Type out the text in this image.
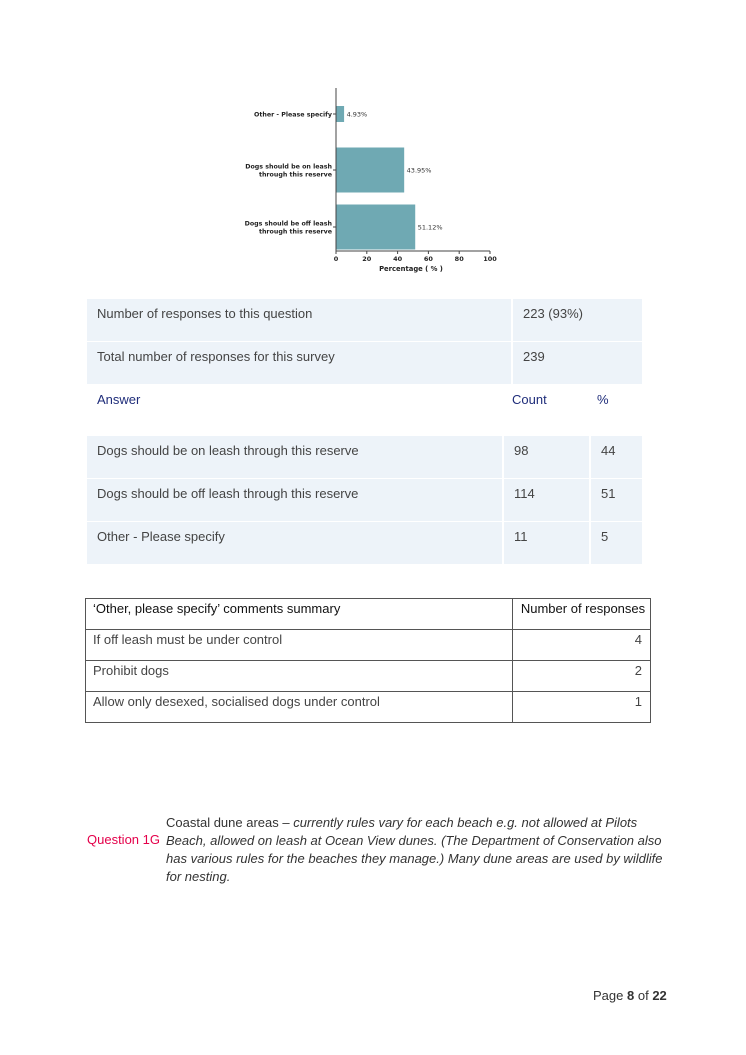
Other - Please specify 4.93%
Dogs should be on leash
through this reserve
43.95%
Dogs should be off leash
through this reserve
51.12%
0	20	40	60	80	100
Percentage ( % )
Number of responses to this question	223 (93%)
Total number of responses for this survey	239
Answer	Count	%
Dogs should be on leash through this reserve	98	44
Dogs should be off leash through this reserve	114	51
Other - Please specify	11	5
‘Other, please specify’ comments summary	Number of responses
If off leash must be under control	4
Prohibit dogs	2
Allow only desexed, socialised dogs under control	1
Question 1G
Coastal dune areas – currently rules vary for each beach e.g. not allowed at Pilots Beach, allowed on leash at Ocean View dunes. (The Department of Conservation also has various rules for the beaches they manage.) Many dune areas are used by wildlife for nesting.
Page 8 of 22
